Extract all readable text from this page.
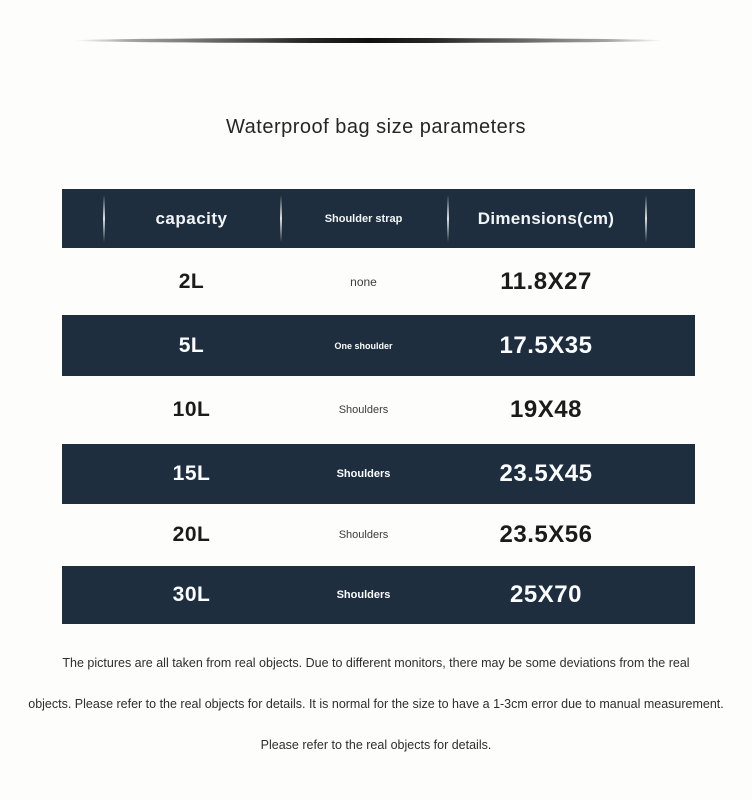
Waterproof bag size parameters
capacity	Shoulder strap	Dimensions(cm)
2L	none	11.8X27
5L	One shoulder	17.5X35
10L	Shoulders	19X48
15L	Shoulders	23.5X45
20L	Shoulders	23.5X56
30L	Shoulders	25X70
The pictures are all taken from real objects. Due to different monitors, there may be some deviations from the real
objects. Please refer to the real objects for details. It is normal for the size to have a 1-3cm error due to manual measurement.
Please refer to the real objects for details.
